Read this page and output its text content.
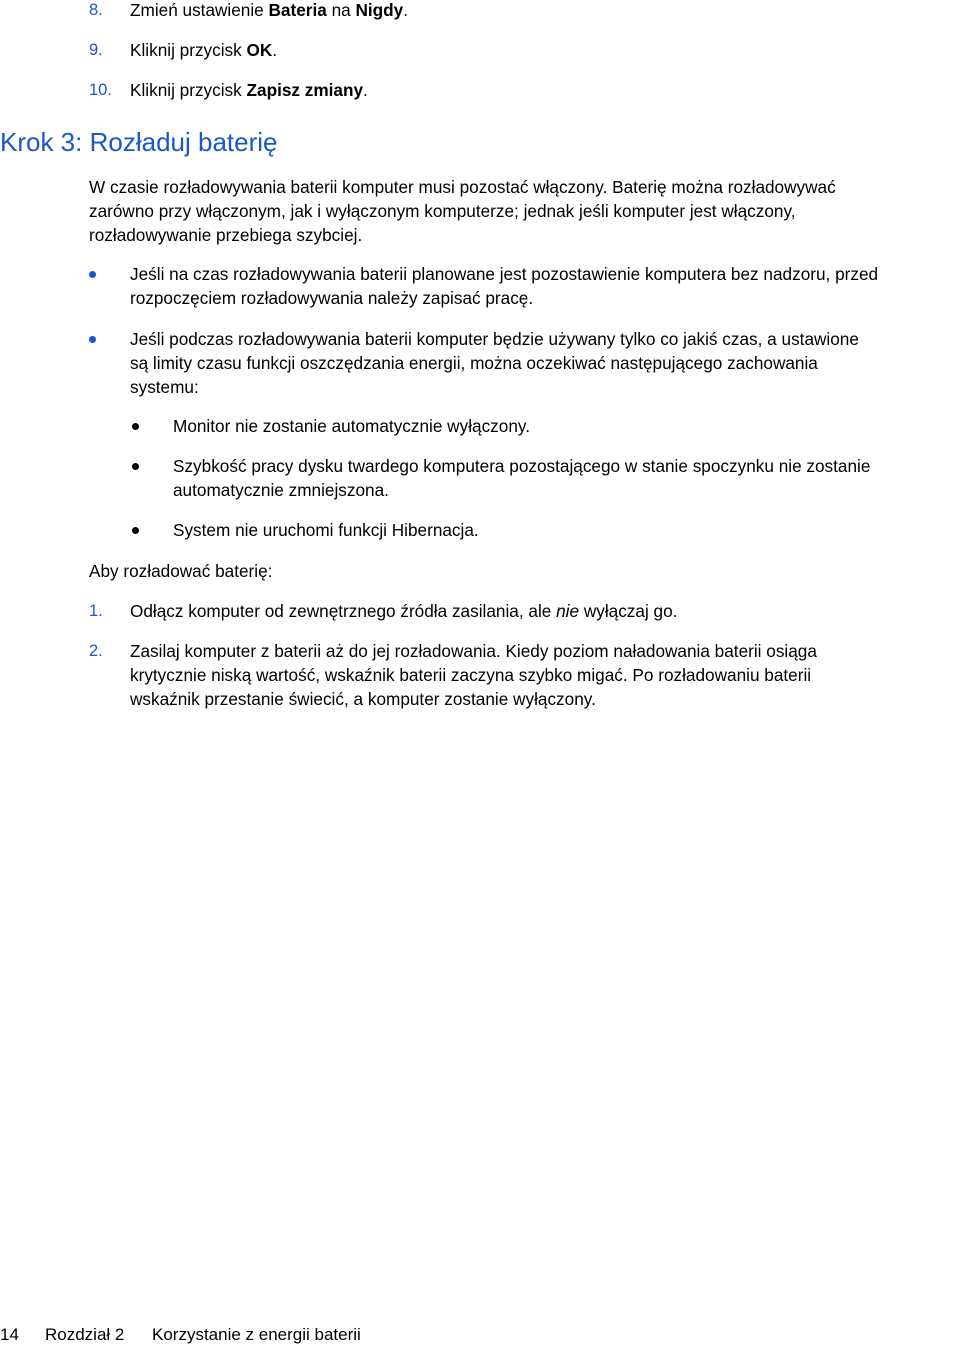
8. Zmień ustawienie Bateria na Nigdy.
9. Kliknij przycisk OK.
10. Kliknij przycisk Zapisz zmiany.
Krok 3: Rozładuj baterię
W czasie rozładowywania baterii komputer musi pozostać włączony. Baterię można rozładowywać
zarówno przy włączonym, jak i wyłączonym komputerze; jednak jeśli komputer jest włączony,
rozładowywanie przebiega szybciej.
Jeśli na czas rozładowywania baterii planowane jest pozostawienie komputera bez nadzoru, przed
rozpoczęciem rozładowywania należy zapisać pracę.
Jeśli podczas rozładowywania baterii komputer będzie używany tylko co jakiś czas, a ustawione
są limity czasu funkcji oszczędzania energii, można oczekiwać następującego zachowania
systemu:
Monitor nie zostanie automatycznie wyłączony.
Szybkość pracy dysku twardego komputera pozostającego w stanie spoczynku nie zostanie
automatycznie zmniejszona.
System nie uruchomi funkcji Hibernacja.
Aby rozładować baterię:
1. Odłącz komputer od zewnętrznego źródła zasilania, ale nie wyłączaj go.
2. Zasilaj komputer z baterii aż do jej rozładowania. Kiedy poziom naładowania baterii osiąga
krytycznie niską wartość, wskaźnik baterii zaczyna szybko migać. Po rozładowaniu baterii
wskaźnik przestanie świecić, a komputer zostanie wyłączony.
14 Rozdział 2 Korzystanie z energii baterii
